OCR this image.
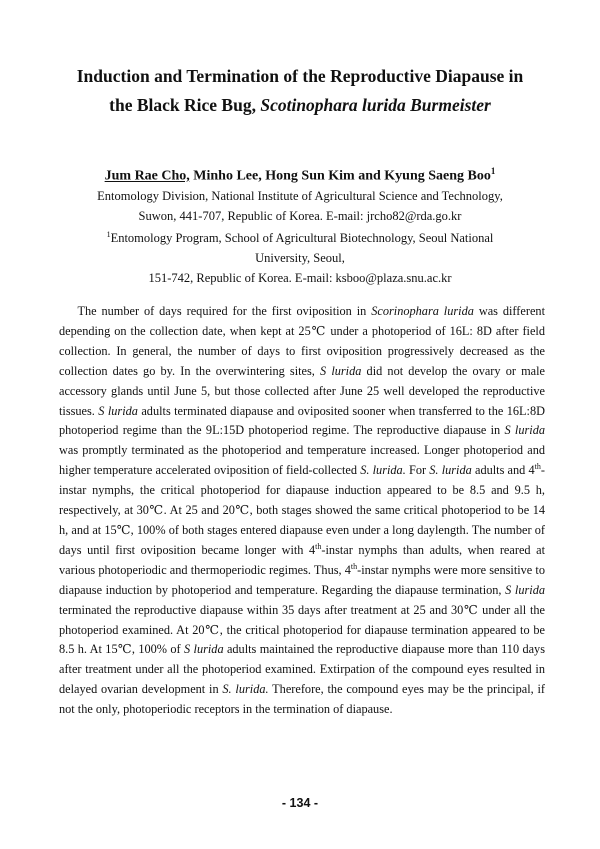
Induction and Termination of the Reproductive Diapause in
the Black Rice Bug, Scotinophara lurida Burmeister

Jum Rae Cho, Minho Lee, Hong Sun Kim and Kyung Saeng Boo$^1$

Entomology Division, National Institute of Agricultural Science and Technology,
Suwon, 441-707, Republic of Korea. E-mail: jrcho82@rda.go.kr

$^1$Entomology Program, School of Agricultural Biotechnology, Seoul National University, Seoul,
151-742, Republic of Korea. E-mail: ksboo@plaza.snu.ac.kr

  The number of days required for the first oviposition in Scorinophara lurida was different depending on the collection date, when kept at 25℃ under a photoperiod of 16L: 8D after field collection. In general, the number of days to first oviposition progressively decreased as the collection dates go by. In the overwintering sites, S lurida did not develop the ovary or male accessory glands until June 5, but those collected after June 25 well developed the reproductive tissues. S lurida adults terminated diapause and oviposited sooner when transferred to the 16L:8D photoperiod regime than the 9L:15D photoperiod regime. The reproductive diapause in S lurida was promptly terminated as the photoperiod and temperature increased. Longer photoperiod and higher temperature accelerated oviposition of field-collected S. lurida. For S. lurida adults and 4th-instar nymphs, the critical photoperiod for diapause induction appeared to be 8.5 and 9.5 h, respectively, at 30℃. At 25 and 20℃, both stages showed the same critical photoperiod to be 14 h, and at 15℃, 100% of both stages entered diapause even under a long daylength. The number of days until first oviposition became longer with 4th-instar nymphs than adults, when reared at various photoperiodic and thermoperiodic regimes. Thus, 4th-instar nymphs were more sensitive to diapause induction by photoperiod and temperature. Regarding the diapause termination, S lurida terminated the reproductive diapause within 35 days after treatment at 25 and 30℃ under all the photoperiod examined. At 20℃, the critical photoperiod for diapause termination appeared to be 8.5 h. At 15℃, 100% of S lurida adults maintained the reproductive diapause more than 110 days after treatment under all the photoperiod examined. Extirpation of the compound eyes resulted in delayed ovarian development in S. lurida. Therefore, the compound eyes may be the principal, if not the only, photoperiodic receptors in the termination of diapause.

- 134 -
